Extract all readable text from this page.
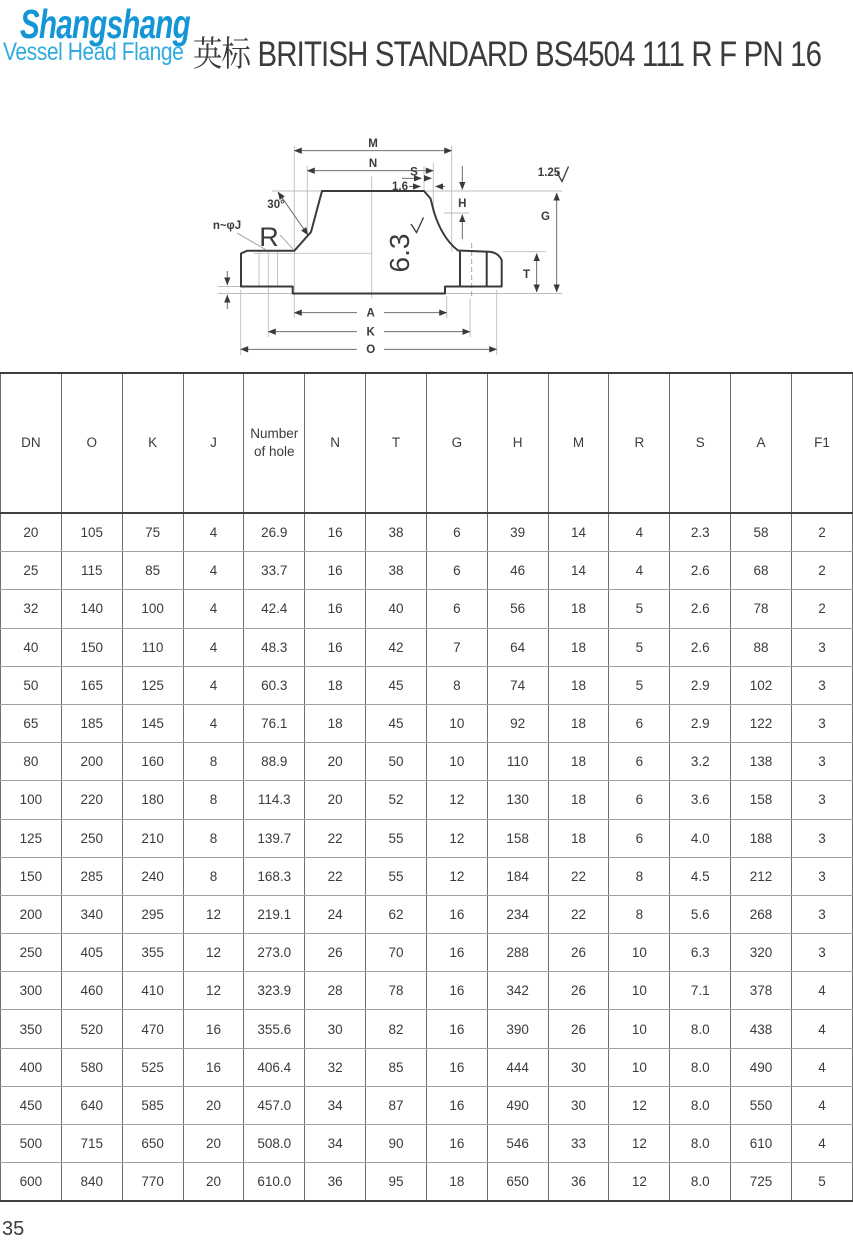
Shangshang
Vessel Head Flange 英标 BRITISH STANDARD BS4504 111 R F PN 16
M
N
S
1.6
1.25
H
G
T
30°
n~φJ
A
K
O
R	6.3
DN	O	K	J	Number of hole	N	T	G	H	M	R	S	A	F1
20	105	75	4	26.9	16	38	6	39	14	4	2.3	58	2
25	115	85	4	33.7	16	38	6	46	14	4	2.6	68	2
32	140	100	4	42.4	16	40	6	56	18	5	2.6	78	2
40	150	110	4	48.3	16	42	7	64	18	5	2.6	88	3
50	165	125	4	60.3	18	45	8	74	18	5	2.9	102	3
65	185	145	4	76.1	18	45	10	92	18	6	2.9	122	3
80	200	160	8	88.9	20	50	10	110	18	6	3.2	138	3
100	220	180	8	114.3	20	52	12	130	18	6	3.6	158	3
125	250	210	8	139.7	22	55	12	158	18	6	4.0	188	3
150	285	240	8	168.3	22	55	12	184	22	8	4.5	212	3
200	340	295	12	219.1	24	62	16	234	22	8	5.6	268	3
250	405	355	12	273.0	26	70	16	288	26	10	6.3	320	3
300	460	410	12	323.9	28	78	16	342	26	10	7.1	378	4
350	520	470	16	355.6	30	82	16	390	26	10	8.0	438	4
400	580	525	16	406.4	32	85	16	444	30	10	8.0	490	4
450	640	585	20	457.0	34	87	16	490	30	12	8.0	550	4
500	715	650	20	508.0	34	90	16	546	33	12	8.0	610	4
600	840	770	20	610.0	36	95	18	650	36	12	8.0	725	5
35
